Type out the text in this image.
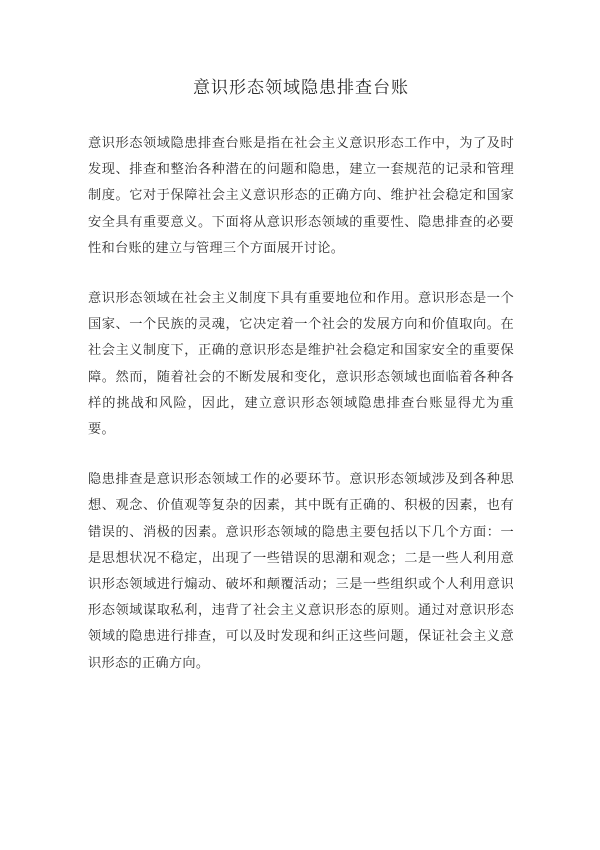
意识形态领域隐患排查台账

意识形态领域隐患排查台账是指在社会主义意识形态工作中，为了及时发现、排查和整治各种潜在的问题和隐患，建立一套规范的记录和管理制度。它对于保障社会主义意识形态的正确方向、维护社会稳定和国家安全具有重要意义。下面将从意识形态领域的重要性、隐患排查的必要性和台账的建立与管理三个方面展开讨论。

意识形态领域在社会主义制度下具有重要地位和作用。意识形态是一个国家、一个民族的灵魂，它决定着一个社会的发展方向和价值取向。在社会主义制度下，正确的意识形态是维护社会稳定和国家安全的重要保障。然而，随着社会的不断发展和变化，意识形态领域也面临着各种各样的挑战和风险，因此，建立意识形态领域隐患排查台账显得尤为重要。

隐患排查是意识形态领域工作的必要环节。意识形态领域涉及到各种思想、观念、价值观等复杂的因素，其中既有正确的、积极的因素，也有错误的、消极的因素。意识形态领域的隐患主要包括以下几个方面：一是思想状况不稳定，出现了一些错误的思潮和观念；二是一些人利用意识形态领域进行煽动、破坏和颠覆活动；三是一些组织或个人利用意识形态领域谋取私利，违背了社会主义意识形态的原则。通过对意识形态领域的隐患进行排查，可以及时发现和纠正这些问题，保证社会主义意识形态的正确方向。
